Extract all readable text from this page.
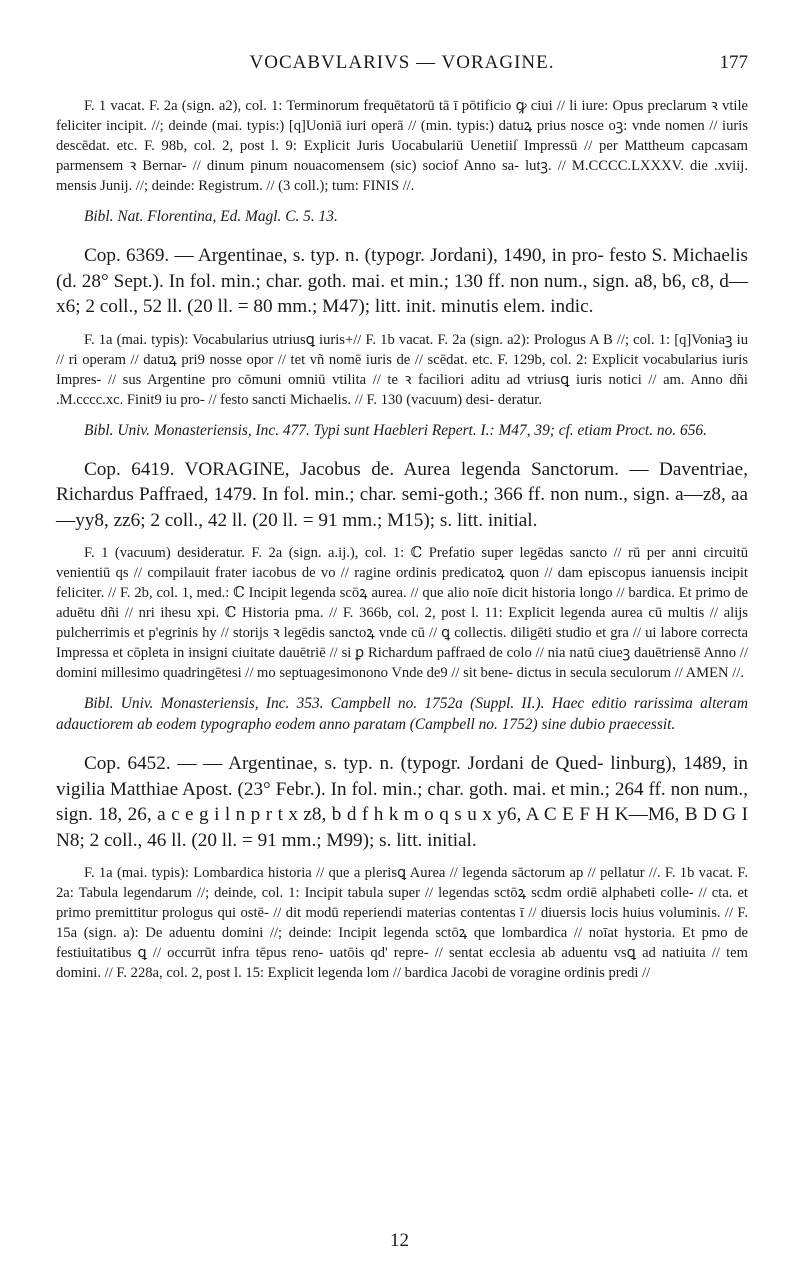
VOCABVLARIVS — VORAGINE.	177

F. 1 vacat. F. 2a (sign. a2), col. 1: Terminorum frequētatorū tā ī pōtificio ꝙ ciui // li iure: Opus preclarum ꝛ vtile feliciter incipit. //; deinde (mai. typis:) [q]Uoniā iuri operā // (min. typis:) datuꝝ prius nosce oꝫ: vnde nomen // iuris descēdat. etc. F. 98b, col. 2, post l. 9: Explicit Juris Uocabulariū Uenetiiſ Impressū // per Mattheum capcasam parmensem ꝛ Bernar- // dinum pinum nouacomensem (sic) sociof Anno sa- lutꝫ. // M.CCCC.LXXXV. die .xviij. mensis Junij. //; deinde: Registrum. // (3 coll.); tum: FINIS //.

Bibl. Nat. Florentina, Ed. Magl. C. 5. 13.

Cop. 6369. — Argentinae, s. typ. n. (typogr. Jordani), 1490, in pro- festo S. Michaelis (d. 28° Sept.). In fol. min.; char. goth. mai. et min.; 130 ff. non num., sign. a8, b6, c8, d—x6; 2 coll., 52 ll. (20 ll. = 80 mm.; M47); litt. init. minutis elem. indic.

F. 1a (mai. typis): Vocabularius utriusꝗ iuris+// F. 1b vacat. F. 2a (sign. a2): Prologus A B //; col. 1: [q]Voniaꝫ iu // ri operam // datuꝝ pri9 nosse opor // tet vñ nomē iuris de // scēdat. etc. F. 129b, col. 2: Explicit vocabularius iuris Impres- // sus Argentine pro cōmuni omniū vtilita // te ꝛ faciliori aditu ad vtriusꝗ iuris notici // am. Anno dñi .M.cccc.xc. Finit9 iu pro- // festo sancti Michaelis. // F. 130 (vacuum) desi- deratur.

Bibl. Univ. Monasteriensis, Inc. 477. Typi sunt Haebleri Repert. I.: M47, 39; cf. etiam Proct. no. 656.

Cop. 6419. VORAGINE, Jacobus de. Aurea legenda Sanctorum. — Daventriae, Richardus Paffraed, 1479. In fol. min.; char. semi-goth.; 366 ff. non num., sign. a—z8, aa—yy8, zz6; 2 coll., 42 ll. (20 ll. = 91 mm.; M15); s. litt. initial.

F. 1 (vacuum) desideratur. F. 2a (sign. a.ij.), col. 1: ℂ Prefatio super legēdas sancto // rū per anni circuitū venientiū qs // compilauit frater iacobus de vo // ragine ordinis predicatoꝝ quon // dam episcopus ianuensis incipit feliciter. // F. 2b, col. 1, med.: ℂ Incipit legenda scōꝝ aurea. // que alio noīe dicit historia longo // bardica. Et primo de aduētu dñi // nri ihesu xpi. ℂ Historia pma. // F. 366b, col. 2, post l. 11: Explicit legenda aurea cū multis // alijs pulcherrimis et p'egrinis hy // storijs ꝛ legēdis sanctoꝝ vnde cū // ꝗ collectis. diligēti studio et gra // ui labore correcta Impressa et cōpleta in insigni ciuitate dauētriē // si ꝑ Richardum paffraed de colo // nia natū ciueꝫ dauētriensē Anno // domini millesimo quadringētesi // mo septuagesimonono Vnde de9 // sit bene- dictus in secula seculorum // AMEN //.

Bibl. Univ. Monasteriensis, Inc. 353. Campbell no. 1752a (Suppl. II.). Haec editio rarissima alteram adauctiorem ab eodem typographo eodem anno paratam (Campbell no. 1752) sine dubio praecessit.

Cop. 6452. — — Argentinae, s. typ. n. (typogr. Jordani de Qued- linburg), 1489, in vigilia Matthiae Apost. (23° Febr.). In fol. min.; char. goth. mai. et min.; 264 ff. non num., sign. 18, 26, a c e g i l n p r t x z8, b d f h k m o q s u x y6, A C E F H K—M6, B D G I N8; 2 coll., 46 ll. (20 ll. = 91 mm.; M99); s. litt. initial.

F. 1a (mai. typis): Lombardica historia // que a plerisꝗ Aurea // legenda sāctorum ap // pellatur //. F. 1b vacat. F. 2a: Tabula legendarum //; deinde, col. 1: Incipit tabula super // legendas sctōꝝ scdm ordiē alphabeti colle- // cta. et primo premittitur prologus qui ostē- // dit modū reperiendi materias contentas ī // diuersis locis huius voluminis. // F. 15a (sign. a): De aduentu domini //; deinde: Incipit legenda sctōꝝ que lombardica // noīat hystoria. Et pmo de festiuitatibus ꝗ // occurrūt infra tēpus reno- uatōis qd' repre- // sentat ecclesia ab aduentu vsꝗ ad natiuita // tem domini. // F. 228a, col. 2, post l. 15: Explicit legenda lom // bardica Jacobi de voragine ordinis predi //

12
